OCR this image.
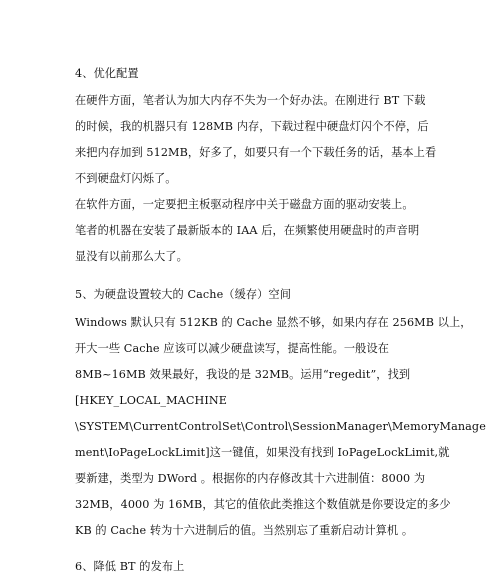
4、优化配置
在硬件方面，笔者认为加大内存不失为一个好办法。在刚进行 BT 下载
的时候，我的机器只有 128MB 内存，下载过程中硬盘灯闪个不停，后
来把内存加到 512MB，好多了，如要只有一个下载任务的话，基本上看
不到硬盘灯闪烁了。
在软件方面，一定要把主板驱动程序中关于磁盘方面的驱动安装上。
笔者的机器在安装了最新版本的 IAA 后，在频繁使用硬盘时的声音明
显没有以前那么大了。
5、为硬盘设置较大的 Cache（缓存）空间
Windows 默认只有 512KB 的 Cache 显然不够，如果内存在 256MB 以上，
开大一些 Cache 应该可以减少硬盘读写，提高性能。一般设在
8MB~16MB 效果最好，我设的是 32MB。运用“regedit”，找到
[HKEY_LOCAL_MACHINE
\SYSTEM\CurrentControlSet\Control\SessionManager\MemoryManage
ment\IoPageLockLimit]这一键值，如果没有找到 IoPageLockLimit,就
要新建，类型为 DWord 。根据你的内存修改其十六进制值：8000 为
32MB，4000 为 16MB，其它的值依此类推这个数值就是你要设定的多少
KB 的 Cache 转为十六进制后的值。当然别忘了重新启动计算机 。
6、降低 BT 的发布上
